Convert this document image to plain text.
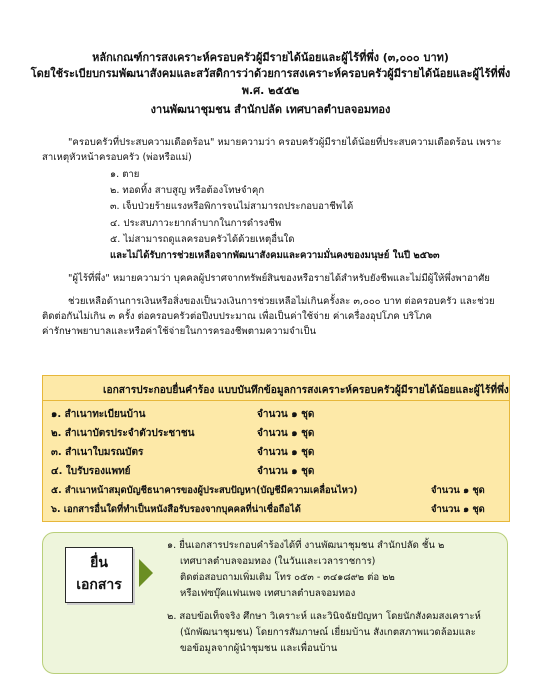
หลักเกณฑ์การสงเคราะห์ครอบครัวผู้มีรายได้น้อยและผู้ไร้ที่พึ่ง (๓,๐๐๐ บาท)
โดยใช้ระเบียบกรมพัฒนาสังคมและสวัสดิการว่าด้วยการสงเคราะห์ครอบครัวผู้มีรายได้น้อยและผู้ไร้ที่พึ่ง
พ.ศ. ๒๕๕๒
งานพัฒนาชุมชน สำนักปลัด เทศบาลตำบลจอมทอง
"ครอบครัวที่ประสบความเดือดร้อน" หมายความว่า ครอบครัวผู้มีรายได้น้อยที่ประสบความเดือดร้อน เพราะ
สาเหตุหัวหน้าครอบครัว (พ่อหรือแม่)
๑. ตาย
๒. ทอดทิ้ง สาบสูญ หรือต้องโทษจำคุก
๓. เจ็บป่วยร้ายแรงหรือพิการจนไม่สามารถประกอบอาชีพได้
๔. ประสบภาวะยากลำบากในการดำรงชีพ
๕. ไม่สามารถดูแลครอบครัวได้ด้วยเหตุอื่นใด
และไม่ได้รับการช่วยเหลือจากพัฒนาสังคมและความมั่นคงของมนุษย์ ในปี ๒๕๖๓
"ผู้ไร้ที่พึ่ง" หมายความว่า บุคคลผู้ปราศจากทรัพย์สินของหรือรายได้สำหรับยังชีพและไม่มีผู้ให้พึ่งพาอาศัย
ช่วยเหลือด้านการเงินหรือสิ่งของเป็นวงเงินการช่วยเหลือไม่เกินครั้งละ ๓,๐๐๐ บาท ต่อครอบครัว และช่วย
ติดต่อกันไม่เกิน ๓ ครั้ง ต่อครอบครัวต่อปีงบประมาณ เพื่อเป็นค่าใช้จ่าย ค่าเครื่องอุปโภค บริโภค
ค่ารักษาพยาบาลและหรือค่าใช้จ่ายในการครองชีพตามความจำเป็น
เอกสารประกอบยื่นคำร้อง แบบบันทึกข้อมูลการสงเคราะห์ครอบครัวผู้มีรายได้น้อยและผู้ไร้ที่พึ่ง
๑. สำเนาทะเบียนบ้าน	จำนวน ๑ ชุด
๒. สำเนาบัตรประจำตัวประชาชน	จำนวน ๑ ชุด
๓. สำเนาใบมรณบัตร	จำนวน ๑ ชุด
๔. ใบรับรองแพทย์	จำนวน ๑ ชุด
๕. สำเนาหน้าสมุดบัญชีธนาคารของผู้ประสบปัญหา(บัญชีมีความเคลื่อนไหว)	จำนวน ๑ ชุด
๖. เอกสารอื่นใดที่ทำเป็นหนังสือรับรองจากบุคคลที่น่าเชื่อถือได้	จำนวน ๑ ชุด
ยื่น
เอกสาร
๑. ยื่นเอกสารประกอบคำร้องได้ที่ งานพัฒนาชุมชน สำนักปลัด ชั้น ๒
เทศบาลตำบลจอมทอง (ในวันและเวลาราชการ)
ติดต่อสอบถามเพิ่มเติม โทร ๐๕๓ - ๓๔๑๘๙๒ ต่อ ๒๒
หรือเฟซบุ๊คแฟนเพจ เทศบาลตำบลจอมทอง
๒. สอบข้อเท็จจริง ศึกษา วิเคราะห์ และวินิจฉัยปัญหา โดยนักสังคมสงเคราะห์
(นักพัฒนาชุมชน) โดยการสัมภาษณ์ เยี่ยมบ้าน สังเกตสภาพแวดล้อมและ
ขอข้อมูลจากผู้นำชุมชน และเพื่อนบ้าน
